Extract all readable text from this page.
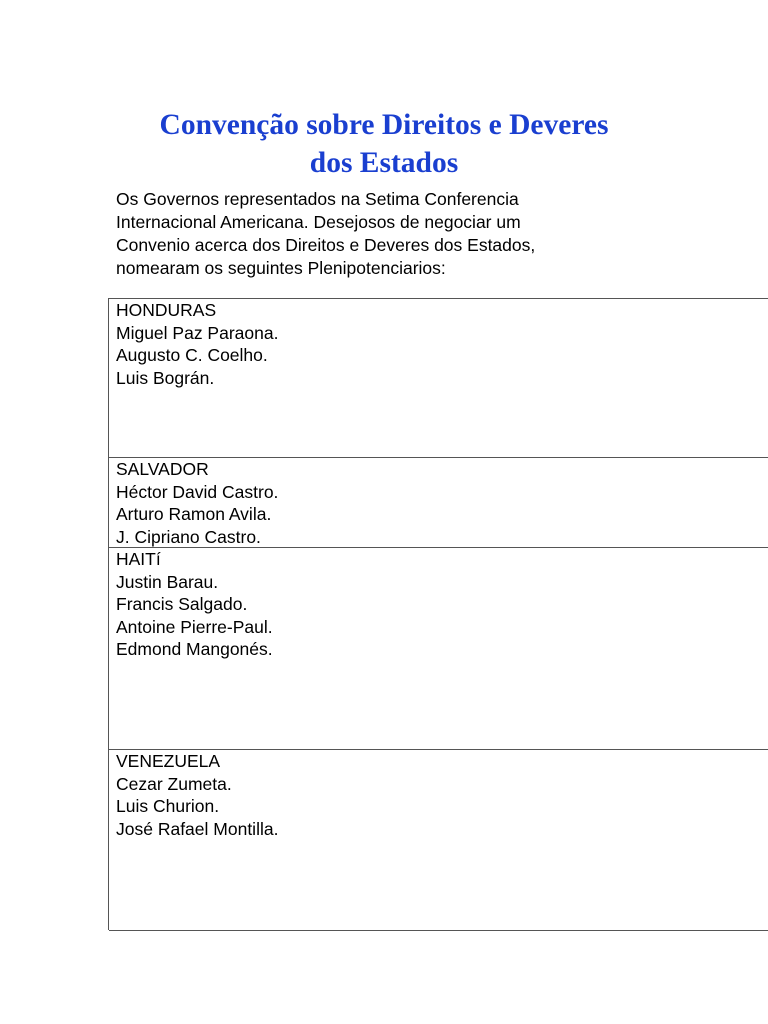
Convenção sobre Direitos e Deveres
dos Estados
Os Governos representados na Setima Conferencia
Internacional Americana. Desejosos de negociar um
Convenio acerca dos Direitos e Deveres dos Estados,
nomearam os seguintes Plenipotenciarios:
HONDURAS
Miguel Paz Paraona.
Augusto C. Coelho.
Luis Bográn.
SALVADOR
Héctor David Castro.
Arturo Ramon Avila.
J. Cipriano Castro.
HAITí
Justin Barau.
Francis Salgado.
Antoine Pierre-Paul.
Edmond Mangonés.
VENEZUELA
Cezar Zumeta.
Luis Churion.
José Rafael Montilla.
